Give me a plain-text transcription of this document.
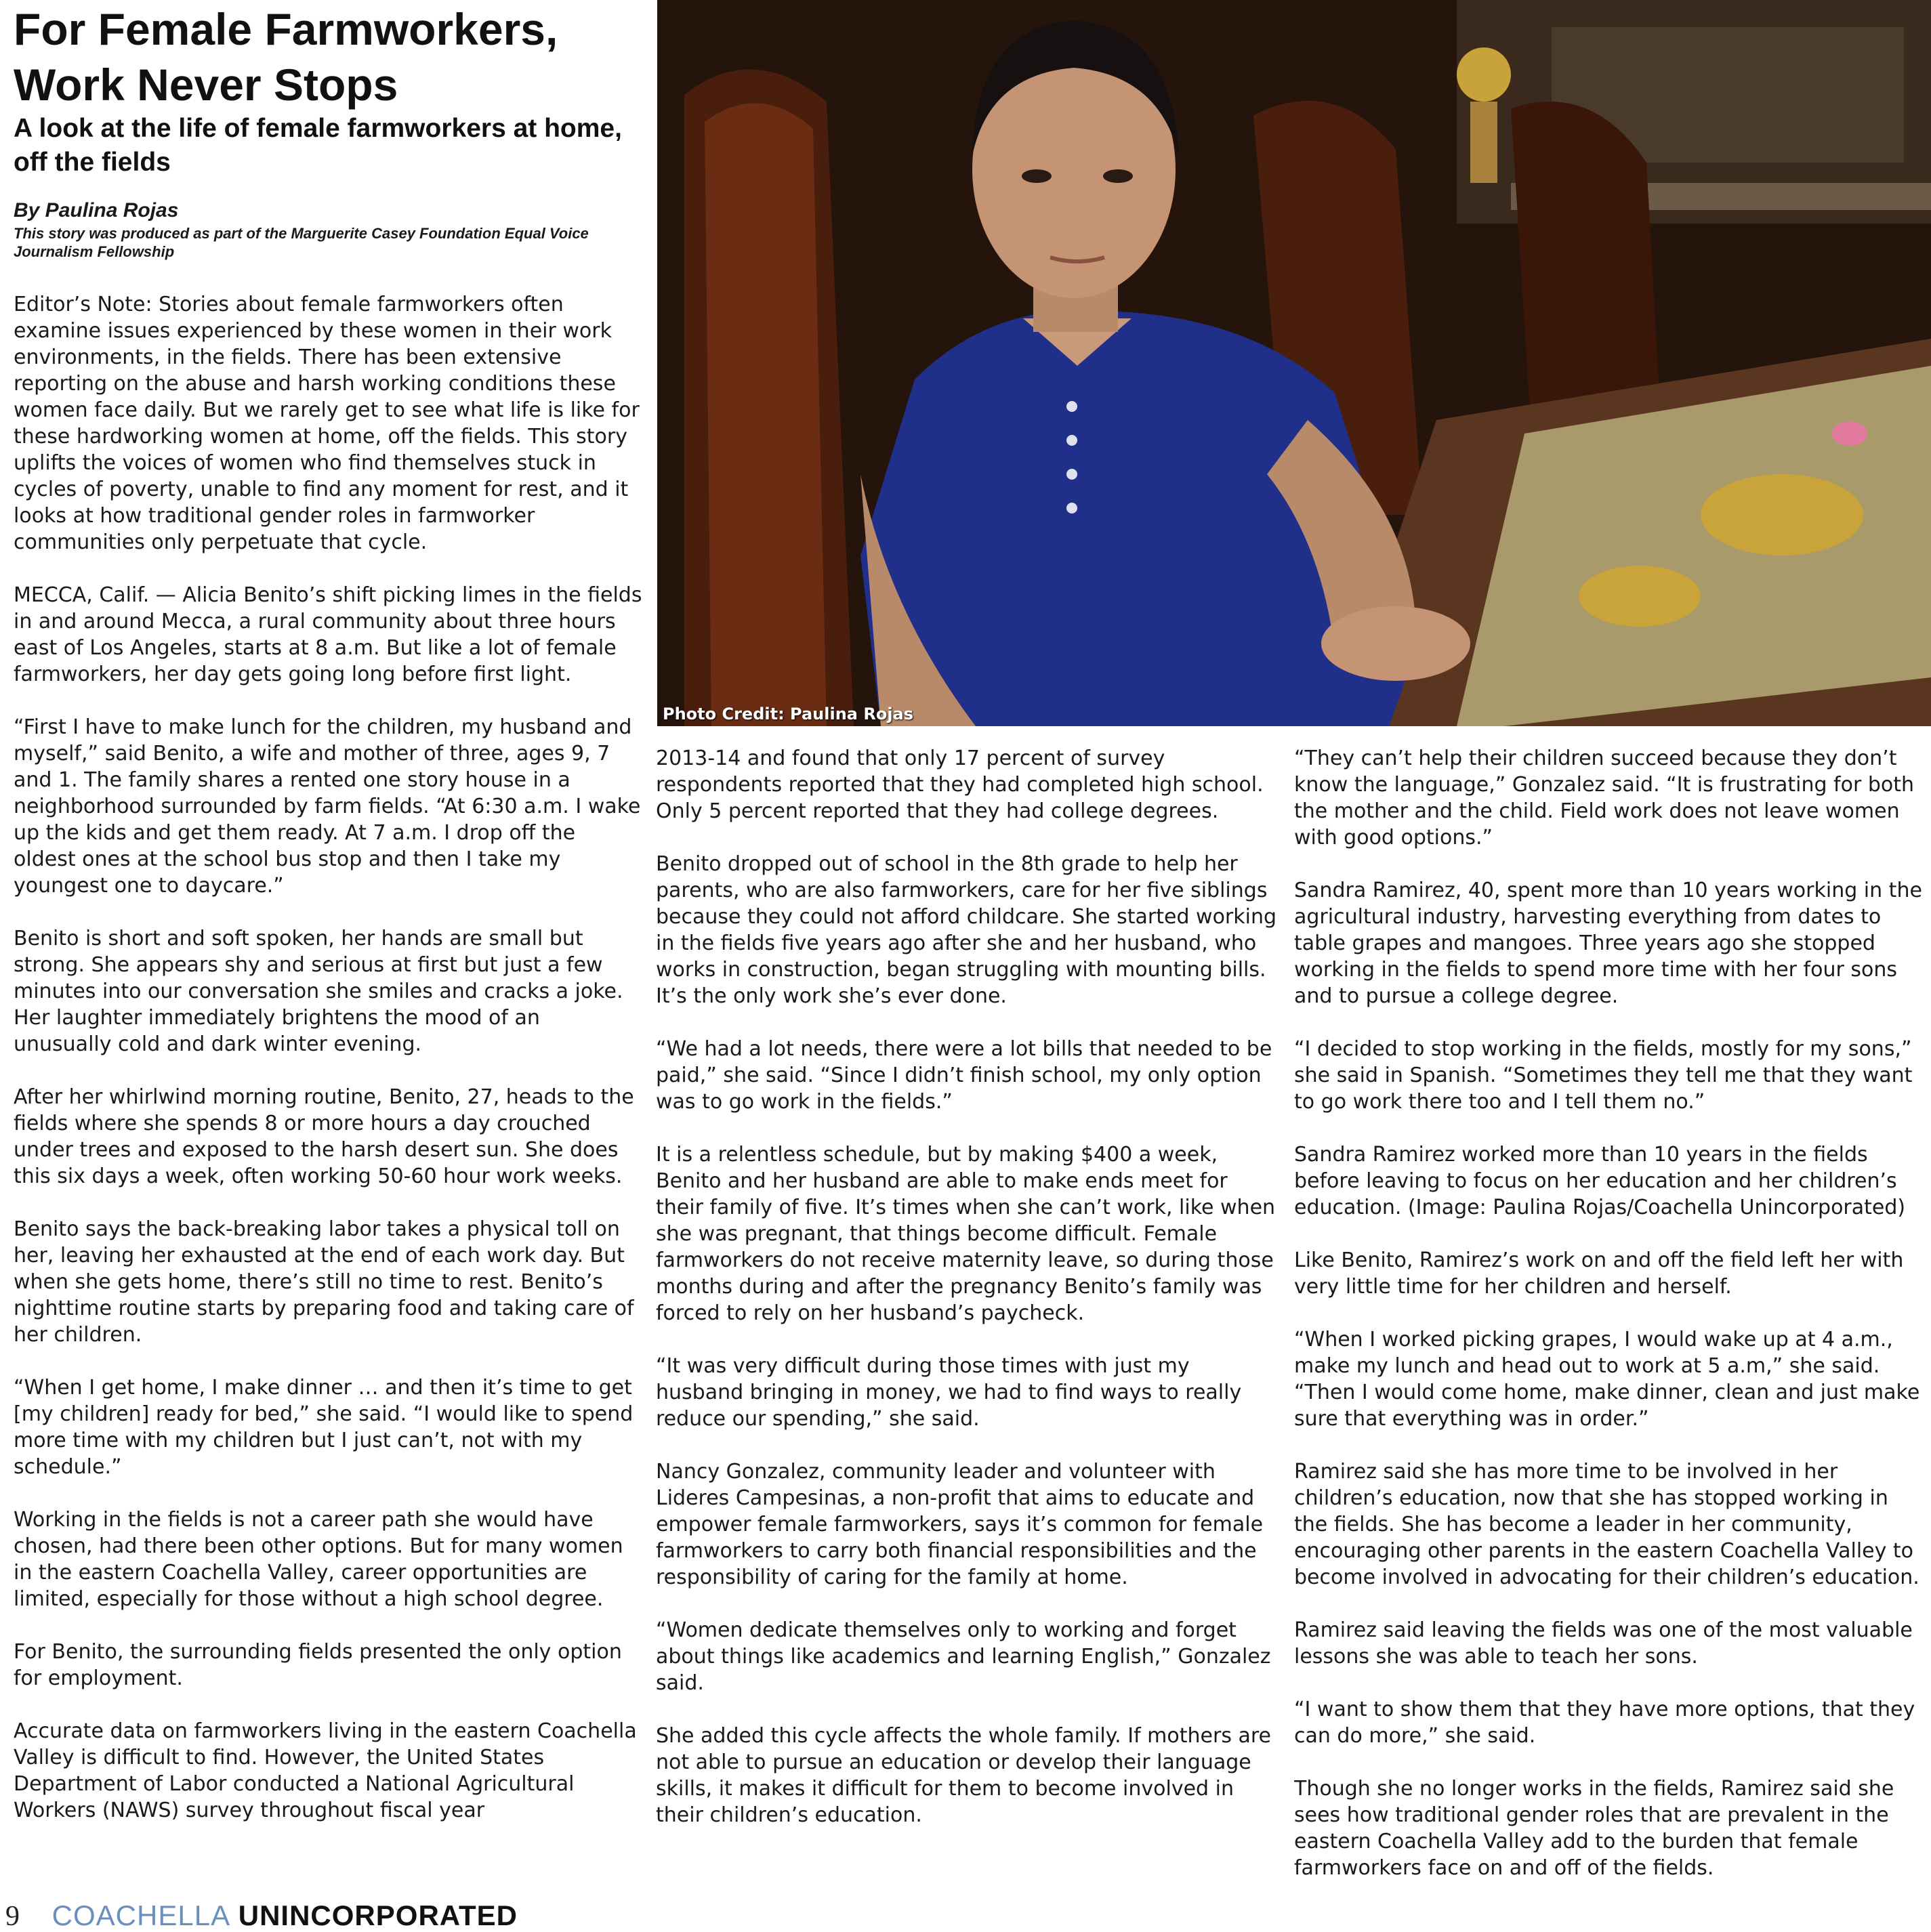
For Female Farmworkers, Work Never Stops
A look at the life of female farmworkers at home, off the fields

By Paulina Rojas

This story was produced as part of the Marguerite Casey Foundation Equal Voice Journalism Fellowship

Photo Credit: Paulina Rojas

Editor’s Note: Stories about female farmworkers often examine issues experienced by these women in their work environments, in the fields. There has been extensive reporting on the abuse and harsh working conditions these women face daily. But we rarely get to see what life is like for these hardworking women at home, off the fields. This story uplifts the voices of women who find themselves stuck in cycles of poverty, unable to find any moment for rest, and it looks at how traditional gender roles in farmworker communities only perpetuate that cycle.

MECCA, Calif. — Alicia Benito’s shift picking limes in the fields in and around Mecca, a rural community about three hours east of Los Angeles, starts at 8 a.m. But like a lot of female farmworkers, her day gets going long before first light.

“First I have to make lunch for the children, my husband and myself,” said Benito, a wife and mother of three, ages 9, 7 and 1. The family shares a rented one story house in a neighborhood surrounded by farm fields. “At 6:30 a.m. I wake up the kids and get them ready. At 7 a.m. I drop off the oldest ones at the school bus stop and then I take my youngest one to daycare.”

Benito is short and soft spoken, her hands are small but strong. She appears shy and serious at first but just a few minutes into our conversation she smiles and cracks a joke. Her laughter immediately brightens the mood of an unusually cold and dark winter evening.

After her whirlwind morning routine, Benito, 27, heads to the fields where she spends 8 or more hours a day crouched under trees and exposed to the harsh desert sun. She does this six days a week, often working 50-60 hour work weeks.

Benito says the back-breaking labor takes a physical toll on her, leaving her exhausted at the end of each work day. But when she gets home, there’s still no time to rest. Benito’s nighttime routine starts by preparing food and taking care of her children.

“When I get home, I make dinner … and then it’s time to get [my children] ready for bed,” she said. “I would like to spend more time with my children but I just can’t, not with my schedule.”

Working in the fields is not a career path she would have chosen, had there been other options. But for many women in the eastern Coachella Valley, career opportunities are limited, especially for those without a high school degree.

For Benito, the surrounding fields presented the only option for employment.

Accurate data on farmworkers living in the eastern Coachella Valley is difficult to find. However, the United States Department of Labor conducted a National Agricultural Workers (NAWS) survey throughout fiscal year

2013-14 and found that only 17 percent of survey respondents reported that they had completed high school. Only 5 percent reported that they had college degrees.

Benito dropped out of school in the 8th grade to help her parents, who are also farmworkers, care for her five siblings because they could not afford childcare. She started working in the fields five years ago after she and her husband, who works in construction, began struggling with mounting bills. It’s the only work she’s ever done.

“We had a lot needs, there were a lot bills that needed to be paid,” she said. “Since I didn’t finish school, my only option was to go work in the fields.”

It is a relentless schedule, but by making $400 a week, Benito and her husband are able to make ends meet for their family of five. It’s times when she can’t work, like when she was pregnant, that things become difficult. Female farmworkers do not receive maternity leave, so during those months during and after the pregnancy Benito’s family was forced to rely on her husband’s paycheck.

“It was very difficult during those times with just my husband bringing in money, we had to find ways to really reduce our spending,” she said.

Nancy Gonzalez, community leader and volunteer with Lideres Campesinas, a non-profit that aims to educate and empower female farmworkers, says it’s common for female farmworkers to carry both financial responsibilities and the responsibility of caring for the family at home.

“Women dedicate themselves only to working and forget about things like academics and learning English,” Gonzalez said.

She added this cycle affects the whole family. If mothers are not able to pursue an education or develop their language skills, it makes it difficult for them to become involved in their children’s education.

“They can’t help their children succeed because they don’t know the language,” Gonzalez said. “It is frustrating for both the mother and the child. Field work does not leave women with good options.”

Sandra Ramirez, 40, spent more than 10 years working in the agricultural industry, harvesting everything from dates to table grapes and mangoes. Three years ago she stopped working in the fields to spend more time with her four sons and to pursue a college degree.

“I decided to stop working in the fields, mostly for my sons,” she said in Spanish. “Sometimes they tell me that they want to go work there too and I tell them no.”

Sandra Ramirez worked more than 10 years in the fields before leaving to focus on her education and her children’s education. (Image: Paulina Rojas/Coachella Unincorporated)

Like Benito, Ramirez’s work on and off the field left her with very little time for her children and herself.

“When I worked picking grapes, I would wake up at 4 a.m., make my lunch and head out to work at 5 a.m,” she said. “Then I would come home, make dinner, clean and just make sure that everything was in order.”

Ramirez said she has more time to be involved in her children’s education, now that she has stopped working in the fields. She has become a leader in her community, encouraging other parents in the eastern Coachella Valley to become involved in advocating for their children’s education.

Ramirez said leaving the fields was one of the most valuable lessons she was able to teach her sons.

“I want to show them that they have more options, that they can do more,” she said.

Though she no longer works in the fields, Ramirez said she sees how traditional gender roles that are prevalent in the eastern Coachella Valley add to the burden that female farmworkers face on and off of the fields.

9 COACHELLA UNINCORPORATED
